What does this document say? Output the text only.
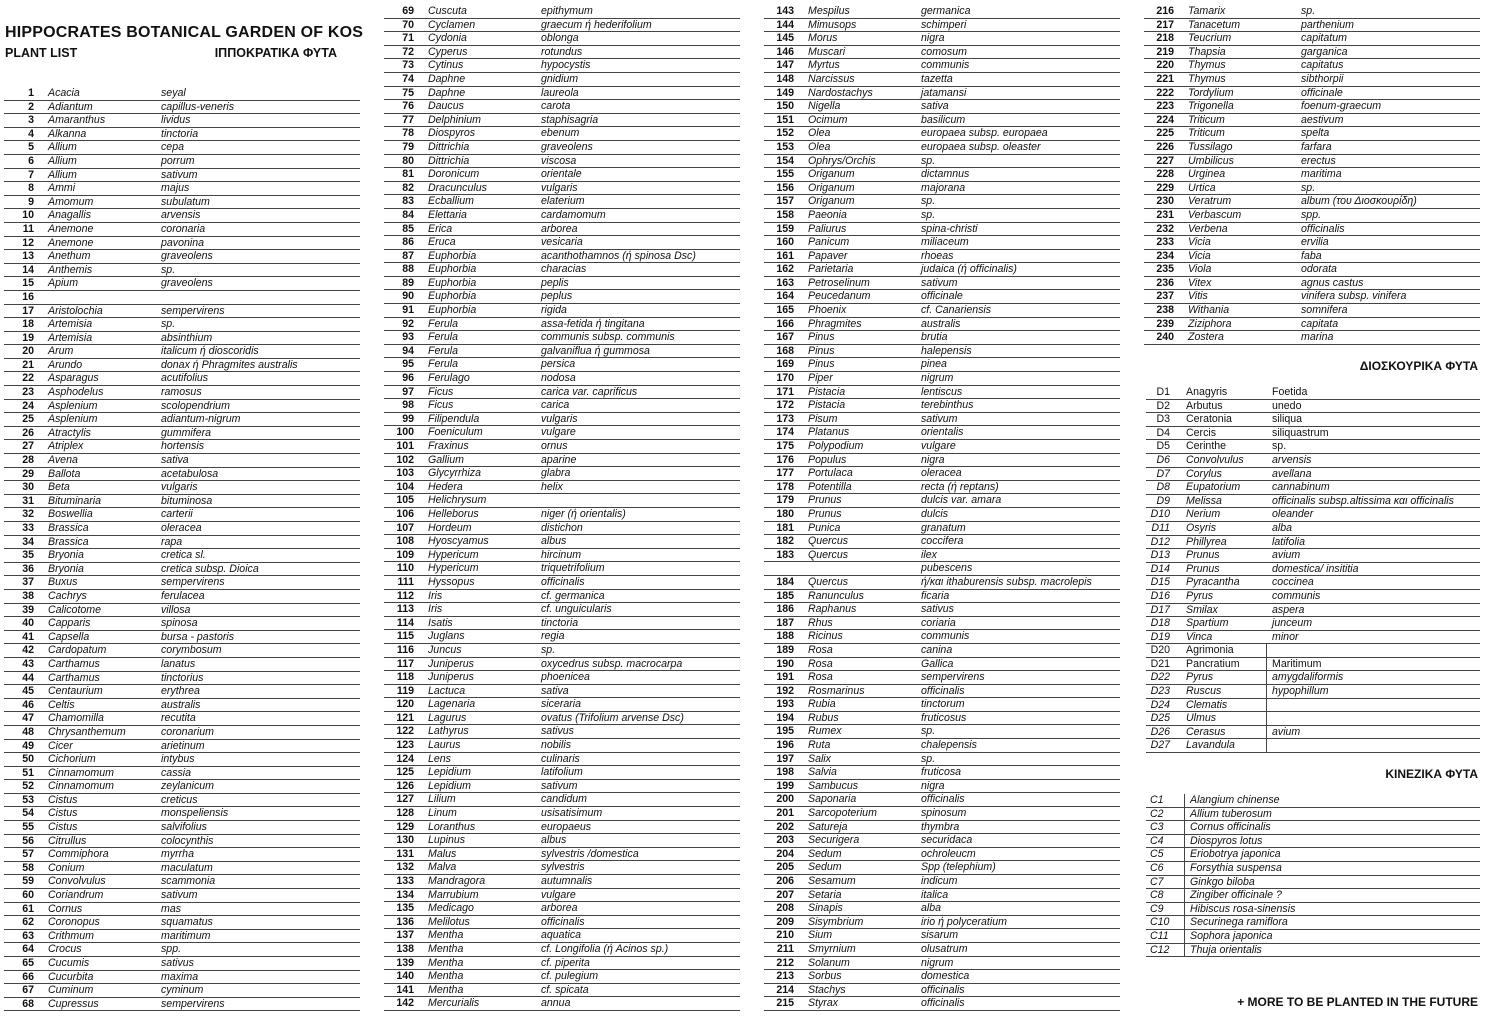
HIPPOCRATES BOTANICAL GARDEN OF KOS
PLANT LIST	ΙΠΠΟΚΡΑΤΙΚΑ ΦΥΤΑ
1 Acacia	seyal
2 Adiantum	capillus-veneris
3 Amaranthus	lividus
4 Alkanna	tinctoria
5 Allium	cepa
6 Allium	porrum
7 Allium	sativum
8 Ammi	majus
9 Amomum	subulatum
10 Anagallis	arvensis
11 Anemone	coronaria
12 Anemone	pavonina
13 Anethum	graveolens
14 Anthemis	sp.
15 Apium	graveolens
16
17 Aristolochia	sempervirens
18 Artemisia	sp.
19 Artemisia	absinthium
20 Arum	italicum ή dioscoridis
21 Arundo	donax ή Phragmites australis
22 Asparagus	acutifolius
23 Asphodelus	ramosus
24 Asplenium	scolopendrium
25 Asplenium	adiantum-nigrum
26 Atractylis	gummifera
27 Atriplex	hortensis
28 Avena	sativa
29 Ballota	acetabulosa
30 Beta	vulgaris
31 Bituminaria	bituminosa
32 Boswellia	carterii
33 Brassica	oleracea
34 Brassica	rapa
35 Bryonia	cretica sl.
36 Bryonia	cretica subsp. Dioica
37 Buxus	sempervirens
38 Cachrys	ferulacea
39 Calicotome	villosa
40 Capparis	spinosa
41 Capsella	bursa - pastoris
42 Cardopatum	corymbosum
43 Carthamus	lanatus
44 Carthamus	tinctorius
45 Centaurium	erythrea
46 Celtis	australis
47 Chamomilla	recutita
48 Chrysanthemum	coronarium
49 Cicer	arietinum
50 Cichorium	intybus
51 Cinnamomum	cassia
52 Cinnamomum	zeylanicum
53 Cistus	creticus
54 Cistus	monspeliensis
55 Cistus	salvifolius
56 Citrullus	colocynthis
57 Commiphora	myrrha
58 Conium	maculatum
59 Convolvulus	scammonia
60 Coriandrum	sativum
61 Cornus	mas
62 Coronopus	squamatus
63 Crithmum	maritimum
64 Crocus	spp.
65 Cucumis	sativus
66 Cucurbita	maxima
67 Cuminum	cyminum
68 Cupressus	sempervirens
69 Cuscuta	epithymum
70 Cyclamen	graecum ή hederifolium
71 Cydonia	oblonga
72 Cyperus	rotundus
73 Cytinus	hypocystis
74 Daphne	gnidium
75 Daphne	laureola
76 Daucus	carota
77 Delphinium	staphisagria
78 Diospyros	ebenum
79 Dittrichia	graveolens
80 Dittrichia	viscosa
81 Doronicum	orientale
82 Dracunculus	vulgaris
83 Ecballium	elaterium
84 Elettaria	cardamomum
85 Erica	arborea
86 Eruca	vesicaria
87 Euphorbia	acanthothamnos (ή spinosa Dsc)
88 Euphorbia	characias
89 Euphorbia	peplis
90 Euphorbia	peplus
91 Euphorbia	rigida
92 Ferula	assa-fetida ή tingitana
93 Ferula	communis subsp. communis
94 Ferula	galvaniflua ή gummosa
95 Ferula	persica
96 Ferulago	nodosa
97 Ficus	carica var. caprificus
98 Ficus	carica
99 Filipendula	vulgaris
100 Foeniculum	vulgare
101 Fraxinus	ornus
102 Gallium	aparine
103 Glycyrrhiza	glabra
104 Hedera	helix
105 Helichrysum
106 Helleborus	niger (ή orientalis)
107 Hordeum	distichon
108 Hyoscyamus	albus
109 Hypericum	hircinum
110 Hypericum	triquetrifolium
111 Hyssopus	officinalis
112 Iris	cf. germanica
113 Iris	cf. unguicularis
114 Isatis	tinctoria
115 Juglans	regia
116 Juncus	sp.
117 Juniperus	oxycedrus subsp. macrocarpa
118 Juniperus	phoenicea
119 Lactuca	sativa
120 Lagenaria	siceraria
121 Lagurus	ovatus (Trifolium arvense Dsc)
122 Lathyrus	sativus
123 Laurus	nobilis
124 Lens	culinaris
125 Lepidium	latifolium
126 Lepidium	sativum
127 Lilium	candidum
128 Linum	usisatisimum
129 Loranthus	europaeus
130 Lupinus	albus
131 Malus	sylvestris /domestica
132 Malva	sylvestris
133 Mandragora	autumnalis
134 Marrubium	vulgare
135 Medicago	arborea
136 Melilotus	officinalis
137 Mentha	aquatica
138 Mentha	cf. Longifolia (ή Acinos sp.)
139 Mentha	cf. piperita
140 Mentha	cf. pulegium
141 Mentha	cf. spicata
142 Mercurialis	annua
143 Mespilus	germanica
144 Mimusops	schimperi
145 Morus	nigra
146 Muscari	comosum
147 Myrtus	communis
148 Narcissus	tazetta
149 Nardostachys	jatamansi
150 Nigella	sativa
151 Ocimum	basilicum
152 Olea	europaea subsp. europaea
153 Olea	europaea subsp. oleaster
154 Ophrys/Orchis	sp.
155 Origanum	dictamnus
156 Origanum	majorana
157 Origanum	sp.
158 Paeonia	sp.
159 Paliurus	spina-christi
160 Panicum	miliaceum
161 Papaver	rhoeas
162 Parietaria	judaica (ή officinalis)
163 Petroselinum	sativum
164 Peucedanum	officinale
165 Phoenix	cf. Canariensis
166 Phragmites	australis
167 Pinus	brutia
168 Pinus	halepensis
169 Pinus	pinea
170 Piper	nigrum
171 Pistacia	lentiscus
172 Pistacia	terebinthus
173 Pisum	sativum
174 Platanus	orientalis
175 Polypodium	vulgare
176 Populus	nigra
177 Portulaca	oleracea
178 Potentilla	recta (ή reptans)
179 Prunus	dulcis var. amara
180 Prunus	dulcis
181 Punica	granatum
182 Quercus	coccifera
183 Quercus	ilex
pubescens
184 Quercus	ή/και ithaburensis subsp. macrolepis
185 Ranunculus	ficaria
186 Raphanus	sativus
187 Rhus	coriaria
188 Ricinus	communis
189 Rosa	canina
190 Rosa	Gallica
191 Rosa	sempervirens
192 Rosmarinus	officinalis
193 Rubia	tinctorum
194 Rubus	fruticosus
195 Rumex	sp.
196 Ruta	chalepensis
197 Salix	sp.
198 Salvia	fruticosa
199 Sambucus	nigra
200 Saponaria	officinalis
201 Sarcopoterium	spinosum
202 Satureja	thymbra
203 Securigera	securidaca
204 Sedum	ochroleucm
205 Sedum	Spp (telephium)
206 Sesamum	indicum
207 Setaria	italica
208 Sinapis	alba
209 Sisymbrium	irio ή polyceratium
210 Sium	sisarum
211 Smyrnium	olusatrum
212 Solanum	nigrum
213 Sorbus	domestica
214 Stachys	officinalis
215 Styrax	officinalis
216 Tamarix	sp.
217 Tanacetum	parthenium
218 Teucrium	capitatum
219 Thapsia	garganica
220 Thymus	capitatus
221 Thymus	sibthorpii
222 Tordylium	officinale
223 Trigonella	foenum-graecum
224 Triticum	aestivum
225 Triticum	spelta
226 Tussilago	farfara
227 Umbilicus	erectus
228 Urginea	maritima
229 Urtica	sp.
230 Veratrum	album (του Διοσκουρίδη)
231 Verbascum	spp.
232 Verbena	officinalis
233 Vicia	ervilia
234 Vicia	faba
235 Viola	odorata
236 Vitex	agnus castus
237 Vitis	vinifera subsp. vinifera
238 Withania	somnifera
239 Ziziphora	capitata
240 Zostera	marina
ΔΙΟΣΚΟΥΡΙΚΑ ΦΥΤΑ
D1 Anagyris	Foetida
D2 Arbutus	unedo
D3 Ceratonia	siliqua
D4 Cercis	siliquastrum
D5 Cerinthe	sp.
D6 Convolvulus	arvensis
D7 Corylus	avellana
D8 Eupatorium	cannabinum
D9 Melissa	officinalis subsp.altissima και officinalis
D10 Nerium	oleander
D11 Osyris	alba
D12 Phillyrea	latifolia
D13 Prunus	avium
D14 Prunus	domestica/ insititia
D15 Pyracantha	coccinea
D16 Pyrus	communis
D17 Smilax	aspera
D18 Spartium	junceum
D19 Vinca	minor
D20 Agrimonia
D21 Pancratium	Maritimum
D22 Pyrus	amygdaliformis
D23 Ruscus	hypophillum
D24 Clematis
D25 Ulmus
D26 Cerasus	avium
D27 Lavandula
ΚΙΝΕΖΙΚΑ ΦΥΤΑ
C1 Alangium chinense
C2 Allium tuberosum
C3 Cornus officinalis
C4 Diospyros lotus
C5 Eriobotrya japonica
C6 Forsythia suspensa
C7 Ginkgo biloba
C8 Zingiber officinale ?
C9 Hibiscus rosa-sinensis
C10 Securinega ramiflora
C11 Sophora japonica
C12 Thuja orientalis
+ MORE TO BE PLANTED IN THE FUTURE
